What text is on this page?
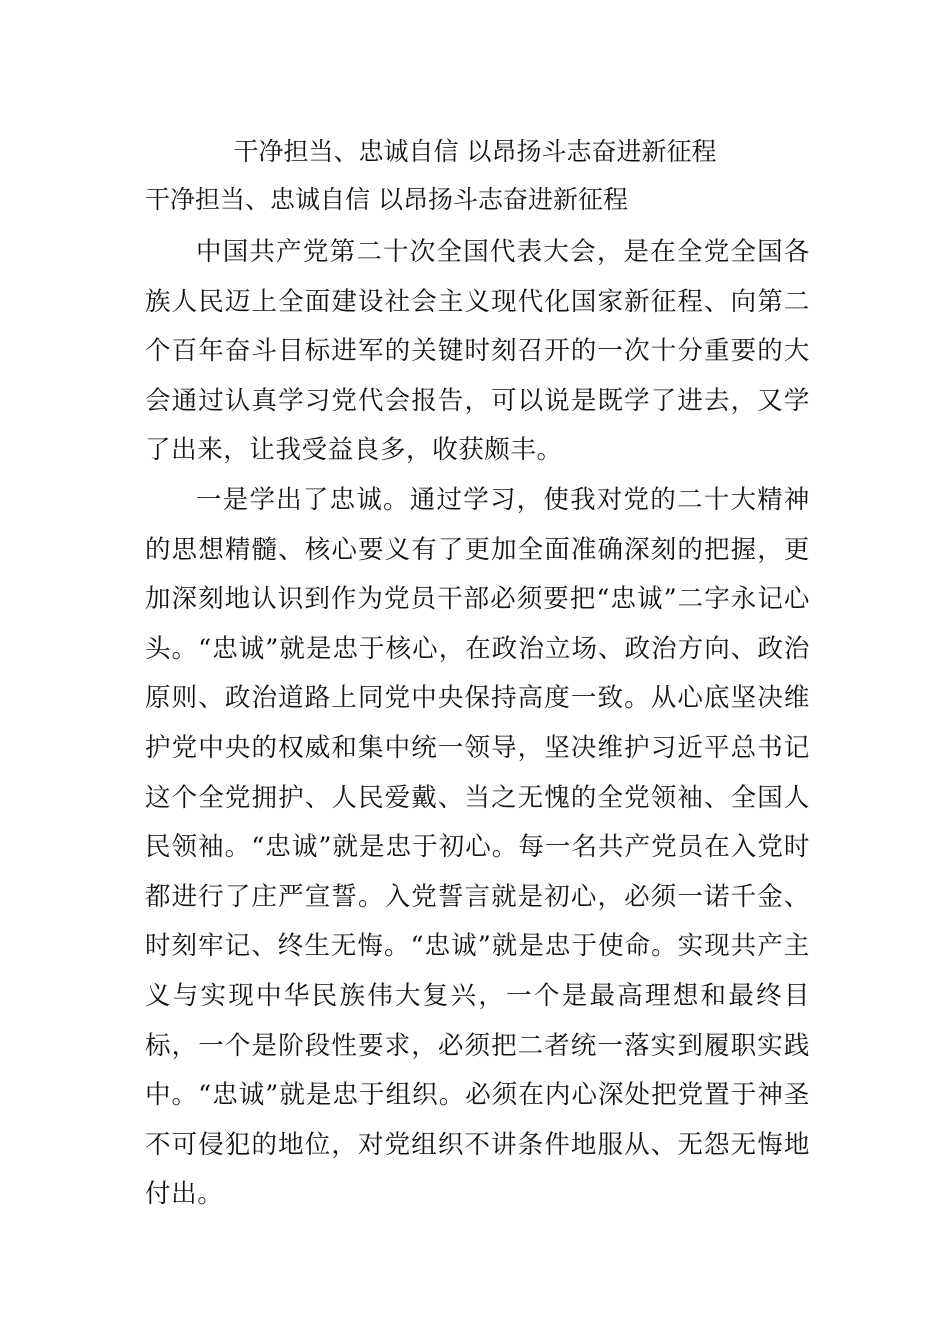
干净担当、忠诚自信 以昂扬斗志奋进新征程
干净担当、忠诚自信 以昂扬斗志奋进新征程

中国共产党第二十次全国代表大会，是在全党全国各族人民迈上全面建设社会主义现代化国家新征程、向第二个百年奋斗目标进军的关键时刻召开的一次十分重要的大会通过认真学习党代会报告，可以说是既学了进去，又学了出来，让我受益良多，收获颇丰。

一是学出了忠诚。通过学习，使我对党的二十大精神的思想精髓、核心要义有了更加全面准确深刻的把握，更加深刻地认识到作为党员干部必须要把“忠诚”二字永记心头。“忠诚”就是忠于核心，在政治立场、政治方向、政治原则、政治道路上同党中央保持高度一致。从心底坚决维护党中央的权威和集中统一领导，坚决维护习近平总书记这个全党拥护、人民爱戴、当之无愧的全党领袖、全国人民领袖。“忠诚”就是忠于初心。每一名共产党员在入党时都进行了庄严宣誓。入党誓言就是初心，必须一诺千金、时刻牢记、终生无悔。“忠诚”就是忠于使命。实现共产主义与实现中华民族伟大复兴，一个是最高理想和最终目标，一个是阶段性要求，必须把二者统一落实到履职实践中。“忠诚”就是忠于组织。必须在内心深处把党置于神圣不可侵犯的地位，对党组织不讲条件地服从、无怨无悔地付出。
